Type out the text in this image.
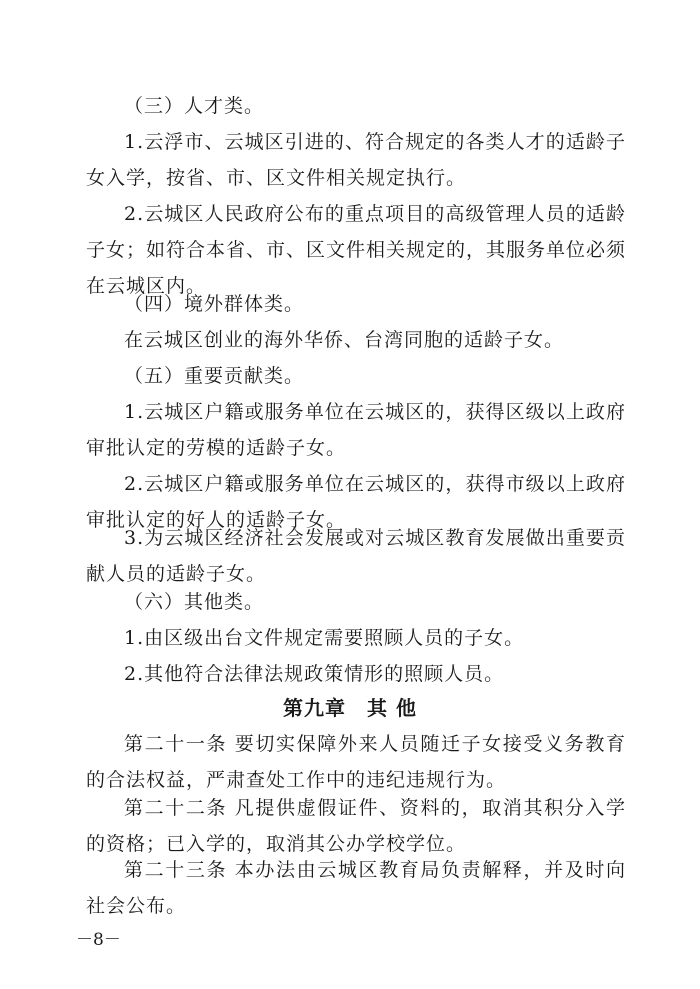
（三）人才类。

1.云浮市、云城区引进的、符合规定的各类人才的适龄子女入学，按省、市、区文件相关规定执行。

2.云城区人民政府公布的重点项目的高级管理人员的适龄子女；如符合本省、市、区文件相关规定的，其服务单位必须在云城区内。

（四）境外群体类。

在云城区创业的海外华侨、台湾同胞的适龄子女。

（五）重要贡献类。

1.云城区户籍或服务单位在云城区的，获得区级以上政府审批认定的劳模的适龄子女。

2.云城区户籍或服务单位在云城区的，获得市级以上政府审批认定的好人的适龄子女。

3.为云城区经济社会发展或对云城区教育发展做出重要贡献人员的适龄子女。

（六）其他类。

1.由区级出台文件规定需要照顾人员的子女。

2.其他符合法律法规政策情形的照顾人员。

第九章　其 他

第二十一条 要切实保障外来人员随迁子女接受义务教育的合法权益，严肃查处工作中的违纪违规行为。

第二十二条 凡提供虚假证件、资料的，取消其积分入学的资格；已入学的，取消其公办学校学位。

第二十三条 本办法由云城区教育局负责解释，并及时向社会公布。

－8－
